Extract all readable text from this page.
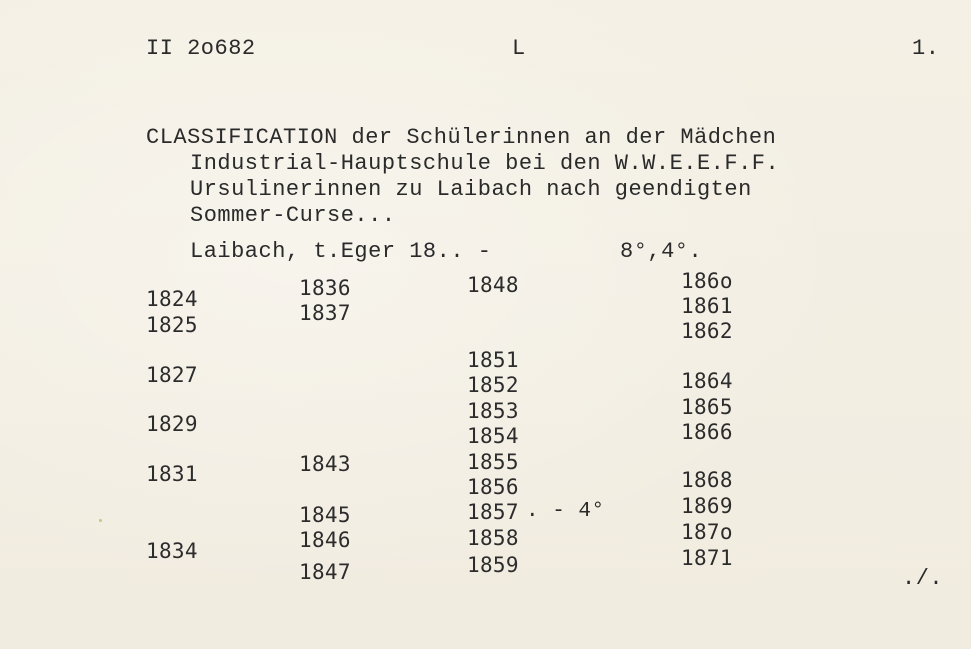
II 2o682	L	1.
CLASSIFICATION der Schülerinnen an der Mädchen
Industrial-Hauptschule bei den W.W.E.E.F.F.
Ursulinerinnen zu Laibach nach geendigten
Sommer-Curse...
Laibach, t.Eger 18.. -	8°,4°.
1824
1825
1827
1829
1831
1834
1836
1837
1843
1845
1846
1847
1848
1851
1852
1853
1854
1855
1856
1857 . - 4°
1858
1859
186o
1861
1862
1864
1865
1866
1868
1869
187o
1871
./.
